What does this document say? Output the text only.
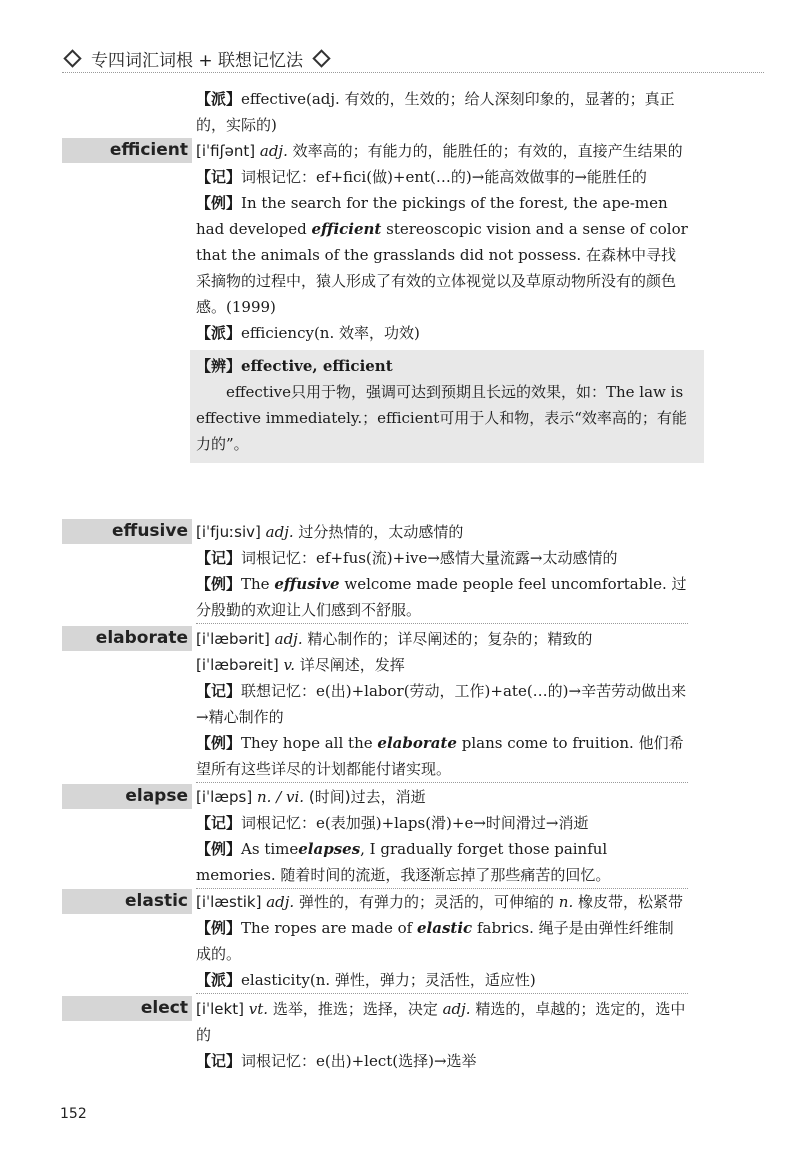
专四词汇词根 + 联想记忆法

【派】effective(adj. 有效的，生效的；给人深刻印象的，显著的；真正的，实际的)

efficient [iˈfiʃənt] adj. 效率高的；有能力的，能胜任的；有效的，直接产生结果的

【记】词根记忆：ef+fici(做)+ent(…的)→能高效做事的→能胜任的

【例】In the search for the pickings of the forest, the ape-men had developed efficient stereoscopic vision and a sense of color that the animals of the grasslands did not possess. 在森林中寻找采摘物的过程中，猿人形成了有效的立体视觉以及草原动物所没有的颜色感。(1999)

【派】efficiency(n. 效率，功效)

【辨】effective, efficient

effective只用于物，强调可达到预期且长远的效果，如：The law is effective immediately.；efficient可用于人和物，表示“效率高的；有能力的”。

effusive [iˈfjuːsiv] adj. 过分热情的，太动感情的

【记】词根记忆：ef+fus(流)+ive→感情大量流露→太动感情的

【例】The effusive welcome made people feel uncomfortable. 过分殷勤的欢迎让人们感到不舒服。

elaborate [iˈlæbərit] adj. 精心制作的；详尽阐述的；复杂的；精致的

[iˈlæbəreit] v. 详尽阐述，发挥

【记】联想记忆：e(出)+labor(劳动，工作)+ate(…的)→辛苦劳动做出来→精心制作的

【例】They hope all the elaborate plans come to fruition. 他们希望所有这些详尽的计划都能付诸实现。

elapse [iˈlæps] n. / vi. (时间)过去，消逝

【记】词根记忆：e(表加强)+laps(滑)+e→时间滑过→消逝

【例】As timeelapses, I gradually forget those painful memories. 随着时间的流逝，我逐渐忘掉了那些痛苦的回忆。

elastic [iˈlæstik] adj. 弹性的，有弹力的；灵活的，可伸缩的 n. 橡皮带，松紧带

【例】The ropes are made of elastic fabrics. 绳子是由弹性纤维制成的。

【派】elasticity(n. 弹性，弹力；灵活性，适应性)

elect [iˈlekt] vt. 选举，推选；选择，决定 adj. 精选的，卓越的；选定的，选中的

【记】词根记忆：e(出)+lect(选择)→选举

152
